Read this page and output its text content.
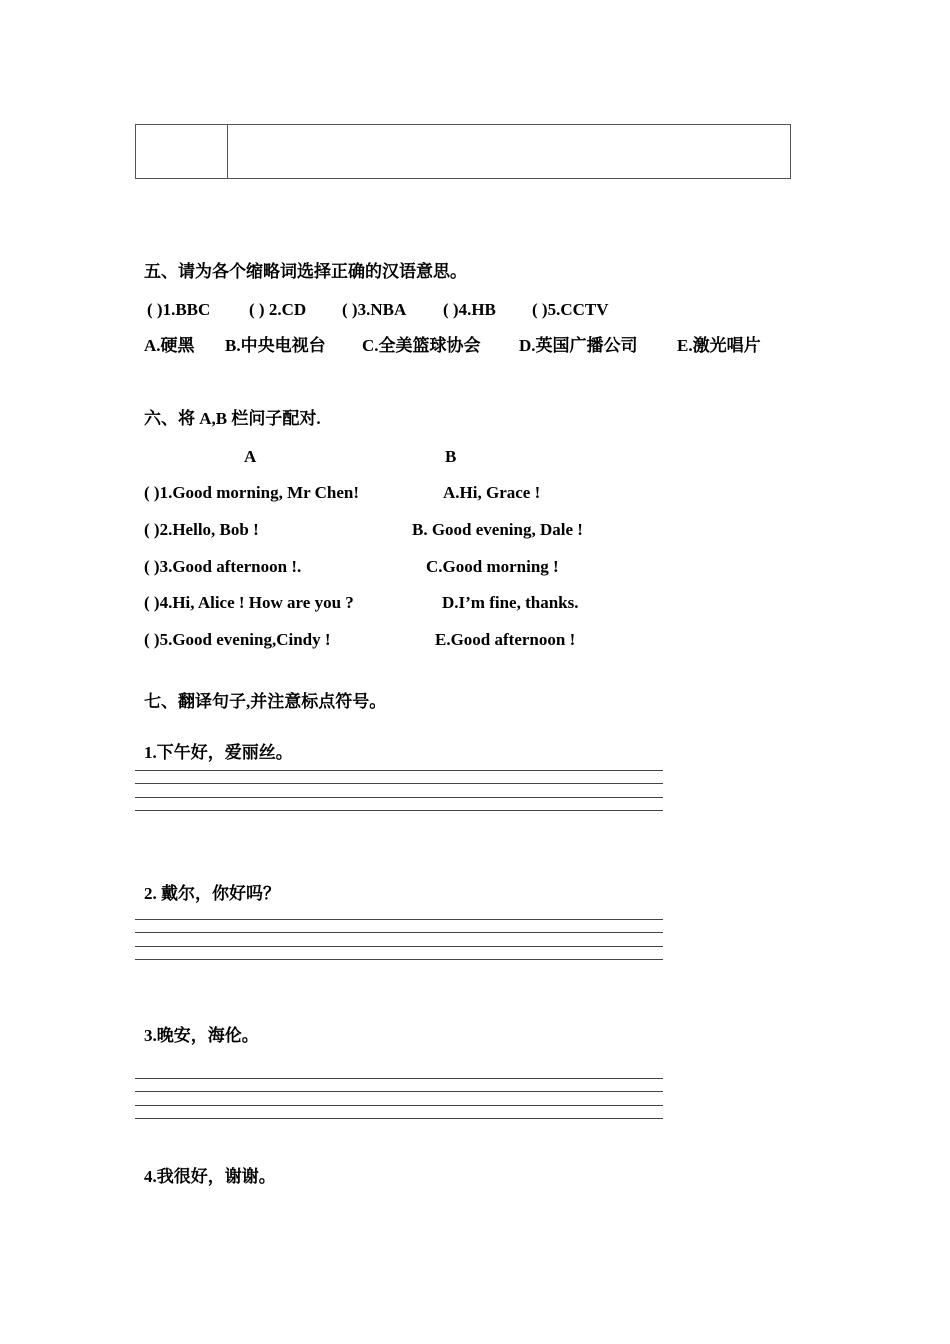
五、请为各个缩略词选择正确的汉语意思。
( )1.BBC ( ) 2.CD ( )3.NBA ( )4.HB ( )5.CCTV
A.硬黑 B.中央电视台 C.全美篮球协会 D.英国广播公司 E.激光唱片
六、将 A,B 栏问子配对.
A	B
( )1.Good morning, Mr Chen!	A.Hi, Grace !
( )2.Hello, Bob !	B. Good evening, Dale !
( )3.Good afternoon !.	C.Good morning !
( )4.Hi, Alice ! How are you ?	D.I’m fine, thanks.
( )5.Good evening,Cindy !	E.Good afternoon !
七、翻译句子,并注意标点符号。
1.下午好，爱丽丝。
2. 戴尔，你好吗？
3.晚安，海伦。
4.我很好，谢谢。
